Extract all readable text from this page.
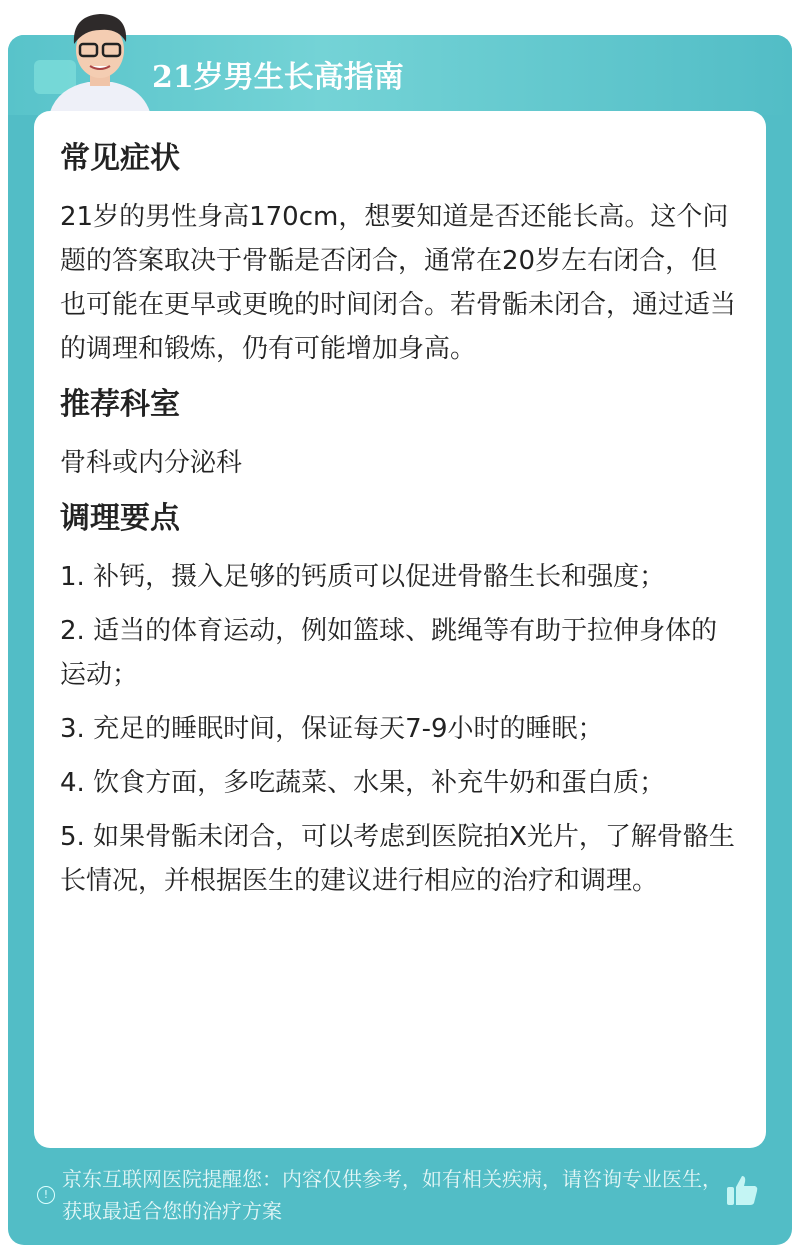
21岁男生长高指南
常见症状

21岁的男性身高170cm，想要知道是否还能长高。这个问题的答案取决于骨骺是否闭合，通常在20岁左右闭合，但也可能在更早或更晚的时间闭合。若骨骺未闭合，通过适当的调理和锻炼，仍有可能增加身高。

推荐科室

骨科或内分泌科

调理要点

1. 补钙，摄入足够的钙质可以促进骨骼生长和强度；

2. 适当的体育运动，例如篮球、跳绳等有助于拉伸身体的运动；

3. 充足的睡眠时间，保证每天7-9小时的睡眠；

4. 饮食方面，多吃蔬菜、水果，补充牛奶和蛋白质；

5. 如果骨骺未闭合，可以考虑到医院拍X光片，了解骨骼生长情况，并根据医生的建议进行相应的治疗和调理。

!
京东互联网医院提醒您：内容仅供参考，如有相关疾病，请咨询专业医生，获取最适合您的治疗方案
